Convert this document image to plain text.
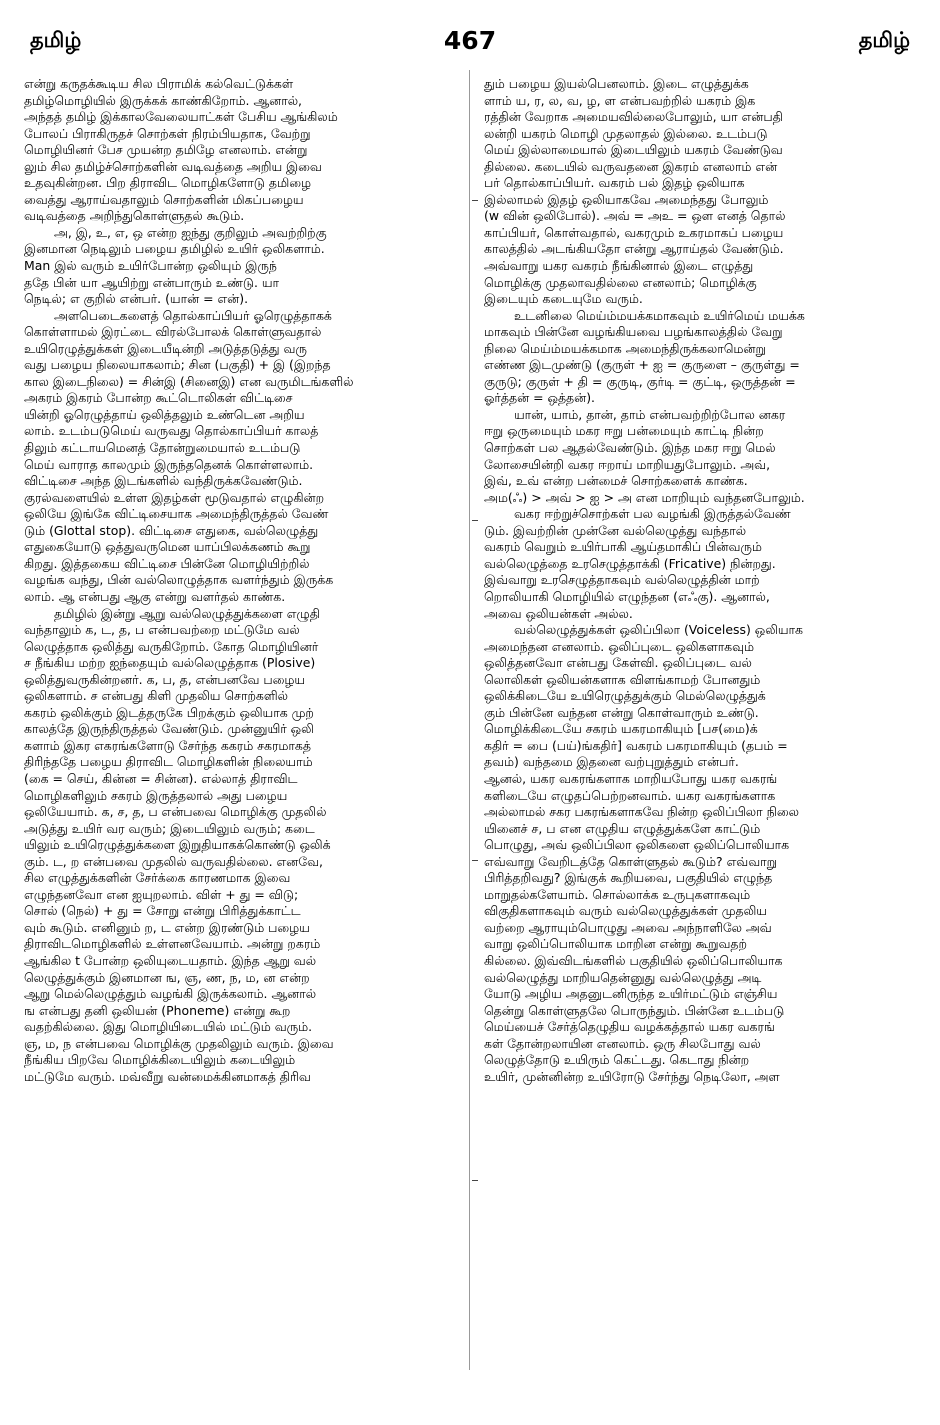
தமிழ்	467	தமிழ்
என்று கருதக்கூடிய சில பிராமிக் கல்வெட்டுக்கள்
தமிழ்மொழியில் இருக்கக் காண்கிறோம். ஆனால்,
அந்தத் தமிழ் இக்காலவேலையாட்கள் பேசிய ஆங்கிலம்
போலப் பிராகிருதச் சொற்கள் நிரம்பியதாக, வேற்று
மொழியினர் பேச முயன்ற தமிழே எனலாம். என்று
லும் சில தமிழ்ச்சொற்களின் வடிவத்தை அறிய இவை
உதவுகின்றன. பிற திராவிட மொழிகளோடு தமிழை
வைத்து ஆராய்வதாலும் சொற்களின் மிகப்பழைய
வடிவத்தை அறிந்துகொள்ளுதல் கூடும்.
அ, இ, உ, எ, ஒ என்ற ஐந்து குறிலும் அவற்றிற்கு
இனமான நெடிலும் பழைய தமிழில் உயிர் ஒலிகளாம்.
Man இல் வரும் உயிர்போன்ற ஒலியும் இருந்
ததே பின் யா ஆயிற்று என்பாரும் உண்டு. யா
நெடில்; எ குறில் என்பர். (யான் = என்).
அளபெடைகளைத் தொல்காப்பியர் ஓரெழுத்தாகக்
கொள்ளாமல் இரட்டை விரல்போலக் கொள்ளுவதால்
உயிரெழுத்துக்கள் இடையீடின்றி அடுத்தடுத்து வரு
வது பழைய நிலையாகலாம்; சின (பகுதி) + இ (இறந்த
கால இடைநிலை) = சின்இ (சினைஇ) என வருமிடங்களில்
அகரம் இகரம் போன்ற கூட்டொலிகள் விட்டிசை
யின்றி ஓரெழுத்தாய் ஒலித்தலும் உண்டென அறிய
லாம். உடம்படுமெய் வருவது தொல்காப்பியர் காலத்
திலும் கட்டாயமெனத் தோன்றுமையால் உடம்படு
மெய் வாராத காலமும் இருந்ததெனக் கொள்ளலாம்.
விட்டிசை அந்த இடங்களில் வந்திருக்கவேண்டும்.
குரல்வளையில் உள்ள இதழ்கள் மூடுவதால் எழுகின்ற
ஒலியே இங்கே விட்டிசையாக அமைந்திருத்தல் வேண்
டும் (Glottal stop). விட்டிசை எதுகை, வல்லெழுத்து
எதுகையோடு ஒத்துவருமென யாப்பிலக்கணம் கூறு
கிறது. இத்தகைய விட்டிசை பின்னே மொழியிற்றில்
வழங்க வந்து, பின் வல்லொழுத்தாக வளர்ந்தும் இருக்க
லாம். ஆ என்பது ஆகு என்று வளர்தல் காண்க.
தமிழில் இன்று ஆறு வல்லெழுத்துக்களை எழுதி
வந்தாலும் க, ட, த, ப என்பவற்றை மட்டுமே வல்
லெழுத்தாக ஒலித்து வருகிறோம். கோத மொழியினர்
ச நீங்கிய மற்ற ஐந்தையும் வல்லெழுத்தாக (Plosive)
ஒலித்துவருகின்றனர். க, ப, த, என்பனவே பழைய
ஒலிகளாம். ச என்பது கிளி முதலிய சொற்களில்
ககரம் ஒலிக்கும் இடத்தருகே பிறக்கும் ஒலியாக முற்
காலத்தே இருந்திருத்தல் வேண்டும். முன்னுயிர் ஒலி
களாம் இகர எகரங்களோடு சேர்ந்த ககரம் சகரமாகத்
திரிந்ததே பழைய திராவிட மொழிகளின் நிலையாம்
(கை = செய், கின்ன = சின்ன). எல்லாத் திராவிட
மொழிகளிலும் சகரம் இருத்தலால் அது பழைய
ஒலியேயாம். க, ச, த, ப என்பவை மொழிக்கு முதலில்
அடுத்து உயிர் வர வரும்; இடையிலும் வரும்; கடை
யிலும் உயிரெழுத்துக்களை இறுதியாகக்கொண்டு ஒலிக்
கும். ட, ற என்பவை முதலில் வருவதில்லை. எனவே,
சில எழுத்துக்களின் சேர்க்கை காரணமாக இவை
எழுந்தனவோ என ஐயுறலாம். விள் + து = விடு;
சொல் (நெல்) + து = சோறு என்று பிரித்துக்காட்ட
வும் கூடும். எனினும் ற, ட என்ற இரண்டும் பழைய
திராவிடமொழிகளில் உள்ளனவேயாம். அன்று றகரம்
ஆங்கில t போன்ற ஒலியுடையதாம். இந்த ஆறு வல்
லெழுத்துக்கும் இனமான ங, ஞ, ண, ந, ம, ன என்ற
ஆறு மெல்லெழுத்தும் வழங்கி இருக்கலாம். ஆனால்
ங என்பது தனி ஒலியன் (Phoneme) என்று கூற
வதற்கில்லை. இது மொழியிடையில் மட்டும் வரும்.
ஞ, ம, ந என்பவை மொழிக்கு முதலிலும் வரும். இவை
நீங்கிய பிறவே மொழிக்கிடையிலும் கடையிலும்
மட்டுமே வரும். மவ்வீறு வன்மைக்கினமாகத் திரிவ
தும் பழைய இயல்பெனலாம். இடை எழுத்துக்க
ளாம் ய, ர, ல, வ, ழ, ள என்பவற்றில் யகரம் இக
ரத்தின் வேறாக அமையவில்லைபோலும், யா என்பதி
லன்றி யகரம் மொழி முதலாதல் இல்லை. உடம்படு
மெய் இல்லாமையால் இடையிலும் யகரம் வேண்டுவ
தில்லை. கடையில் வருவதனை இகரம் எனலாம் என்
பர் தொல்காப்பியர். வகரம் பல் இதழ் ஒலியாக
இல்லாமல் இதழ் ஒலியாகவே அமைந்தது போலும்
(w வின் ஒலிபோல்). அவ் = அஉ = ஒள எனத் தொல்
காப்பியர், கொள்வதால், வகரமும் உகரமாகப் பழைய
காலத்தில் அடங்கியதோ என்று ஆராய்தல் வேண்டும்.
அவ்வாறு யகர வகரம் நீங்கினால் இடை எழுத்து
மொழிக்கு முதலாவதில்லை எனலாம்; மொழிக்கு
இடையும் கடையுமே வரும்.
உடனிலை மெய்ம்மயக்கமாகவும் உயிர்மெய் மயக்க
மாகவும் பின்னே வழங்கியவை பழங்காலத்தில் வேறு
நிலை மெய்ம்மயக்கமாக அமைந்திருக்கலாமென்று
எண்ண இடமுண்டு (குருள் + ஐ = குருளை – குருள்து =
குருடு; குருள் + தி = குருடி, குர்டி = குட்டி, ஒருத்தன் =
ஓர்த்தன் = ஒத்தன்).
யான், யாம், தான், தாம் என்பவற்றிற்போல னகர
ஈறு ஒருமையும் மகர ஈறு பன்மையும் காட்டி நின்ற
சொற்கள் பல ஆதல்வேண்டும். இந்த மகர ஈறு மெல்
லோசையின்றி வகர ஈறாய் மாறியதுபோலும். அவ்,
இவ், உவ் என்ற பன்மைச் சொற்களைக் காண்க.
அம(ஃ) > அவ் > ஐ > அ என மாறியும் வந்தனபோலும்.
வகர ஈற்றுச்சொற்கள் பல வழங்கி இருத்தல்வேண்
டும். இவற்றின் முன்னே வல்லெழுத்து வந்தால்
வகரம் வெறும் உயிர்பாகி ஆய்தமாகிப் பின்வரும்
வல்லெழுத்தை உரசெழுத்தாக்கி (Fricative) நின்றது.
இவ்வாறு உரசெழுத்தாகவும் வல்லெழுத்தின் மாற்
றொலியாகி மொழியில் எழுந்தன (எஃகு). ஆனால்,
அவை ஒலியன்கள் அல்ல.
வல்லெழுத்துக்கள் ஒலிப்பிலா (Voiceless) ஒலியாக
அமைந்தன எனலாம். ஒலிப்புடை ஒலிகளாகவும்
ஒலித்தனவோ என்பது கேள்வி. ஒலிப்புடை வல்
லொலிகள் ஒலியன்களாக விளங்காமற் போனதும்
ஒலிக்கிடையே உயிரெழுத்துக்கும் மெல்லெழுத்துக்
கும் பின்னே வந்தன என்று கொள்வாரும் உண்டு.
மொழிக்கிடையே சகரம் யகரமாகியும் [பச(மை)க்
கதிர் = பை (பய்)ங்கதிர்] வகரம் பகரமாகியும் (தபம் =
தவம்) வந்தமை இதனை வற்புறுத்தும் என்பர்.
ஆனல், யகர வகரங்களாக மாறியபோது யகர வகரங்
களிடையே எழுதப்பெற்றனவாம். யகர வகரங்களாக
அல்லாமல் சகர பகரங்களாகவே நின்ற ஒலிப்பிலா நிலை
யினைச் ச, ப என எழுதிய எழுத்துக்களே காட்டும்
பொழுது, அவ் ஒலிப்பிலா ஒலிகளை ஒலிப்பொலியாக
எவ்வாறு வேறிடத்தே கொள்ளுதல் கூடும்? எவ்வாறு
பிரித்தறிவது? இங்குக் கூறியவை, பகுதியில் எழுந்த
மாறுதல்களேயாம். சொல்லாக்க உருபுகளாகவும்
விகுதிகளாகவும் வரும் வல்லெழுத்துக்கள் முதலிய
வற்றை ஆராயும்பொழுது அவை அந்நாளிலே அவ்
வாறு ஒலிப்பொலியாக மாறின என்று கூறுவதற்
கில்லை. இவ்விடங்களில் பகுதியில் ஒலிப்பொலியாக
வல்லெழுத்து மாறியதென்னுது வல்லெழுத்து அடி
யோடு அழிய அதனுடனிருந்த உயிர்மட்டும் எஞ்சிய
தென்று கொள்ளுதலே பொருந்தும். பின்னே உடம்படு
மெய்யைச் சேர்த்தெழுதிய வழக்கத்தால் யகர வகரங்
கள் தோன்றலாயின எனலாம். ஒரு சிலபோது வல்
லெழுத்தோடு உயிரும் கெட்டது. கெடாது நின்ற
உயிர், முன்னின்ற உயிரோடு சேர்ந்து நெடிலோ, அள
